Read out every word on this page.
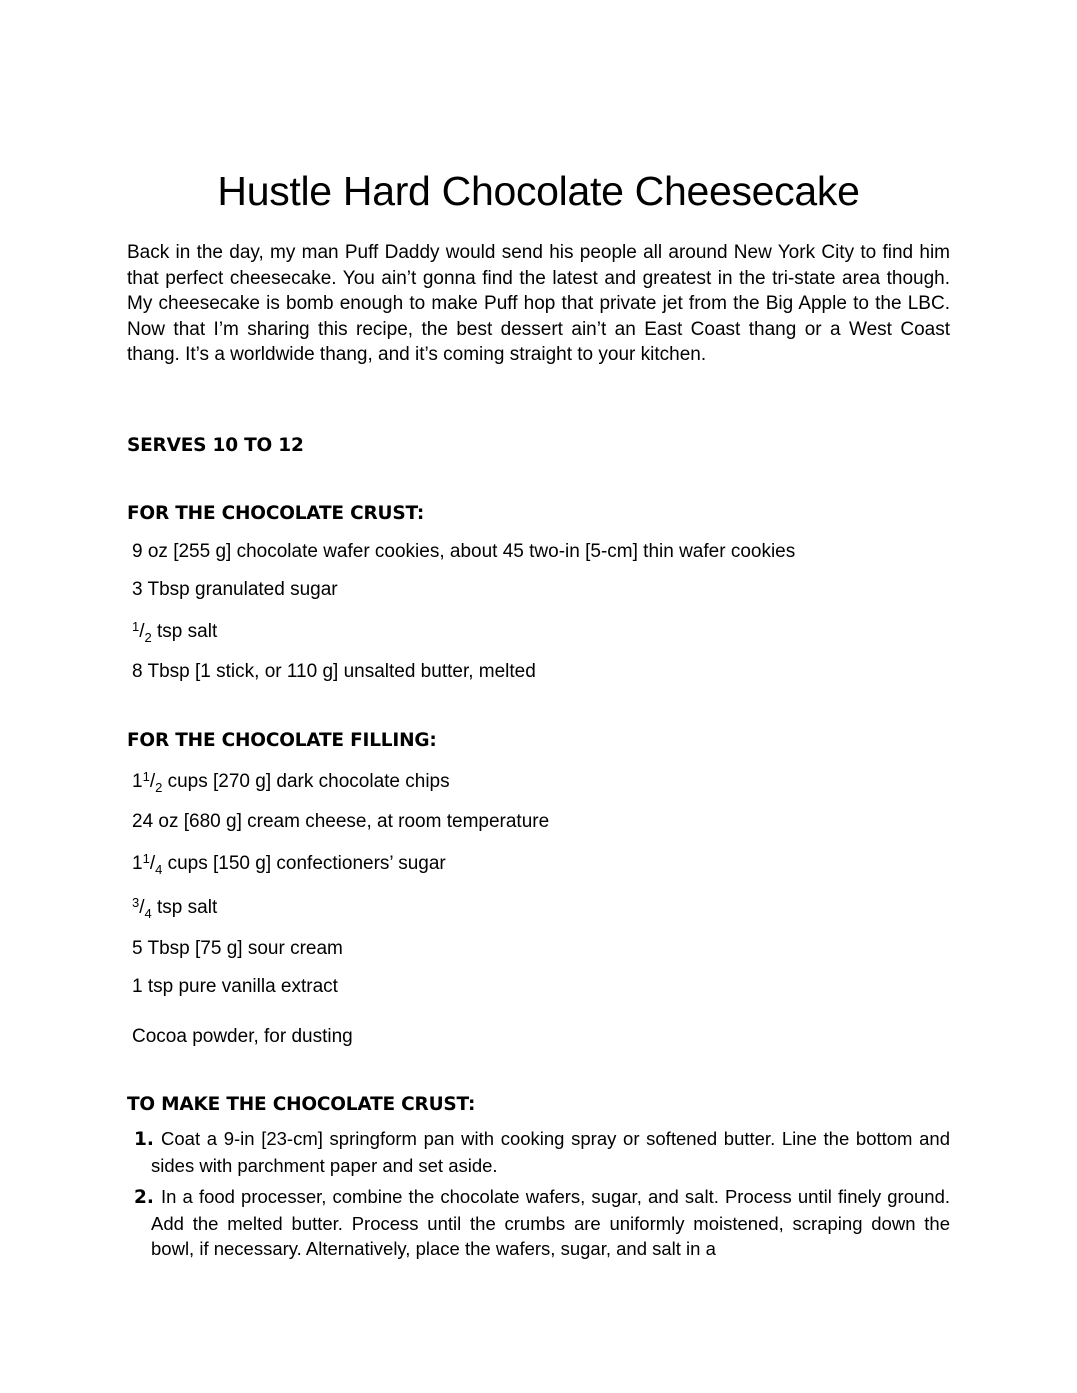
Hustle Hard Chocolate Cheesecake

Back in the day, my man Puff Daddy would send his people all around New York City to find him that perfect cheesecake. You ain’t gonna find the latest and greatest in the tri-state area though. My cheesecake is bomb enough to make Puff hop that private jet from the Big Apple to the LBC. Now that I’m sharing this recipe, the best dessert ain’t an East Coast thang or a West Coast thang. It’s a worldwide thang, and it’s coming straight to your kitchen.

SERVES 10 TO 12
FOR THE CHOCOLATE CRUST:
9 oz [255 g] chocolate wafer cookies, about 45 two-in [5-cm] thin wafer cookies
3 Tbsp granulated sugar
$^1/_2$ tsp salt
8 Tbsp [1 stick, or 110 g] unsalted butter, melted
FOR THE CHOCOLATE FILLING:
$1^1/_2$ cups [270 g] dark chocolate chips
24 oz [680 g] cream cheese, at room temperature
$1^1/_4$ cups [150 g] confectioners’ sugar
$^3/_4$ tsp salt
5 Tbsp [75 g] sour cream
1 tsp pure vanilla extract
Cocoa powder, for dusting
TO MAKE THE CHOCOLATE CRUST:

1. Coat a 9-in [23-cm] springform pan with cooking spray or softened butter. Line the bottom and sides with parchment paper and set aside.

2. In a food processer, combine the chocolate wafers, sugar, and salt. Process until finely ground. Add the melted butter. Process until the crumbs are uniformly moistened, scraping down the bowl, if necessary. Alternatively, place the wafers, sugar, and salt in a
